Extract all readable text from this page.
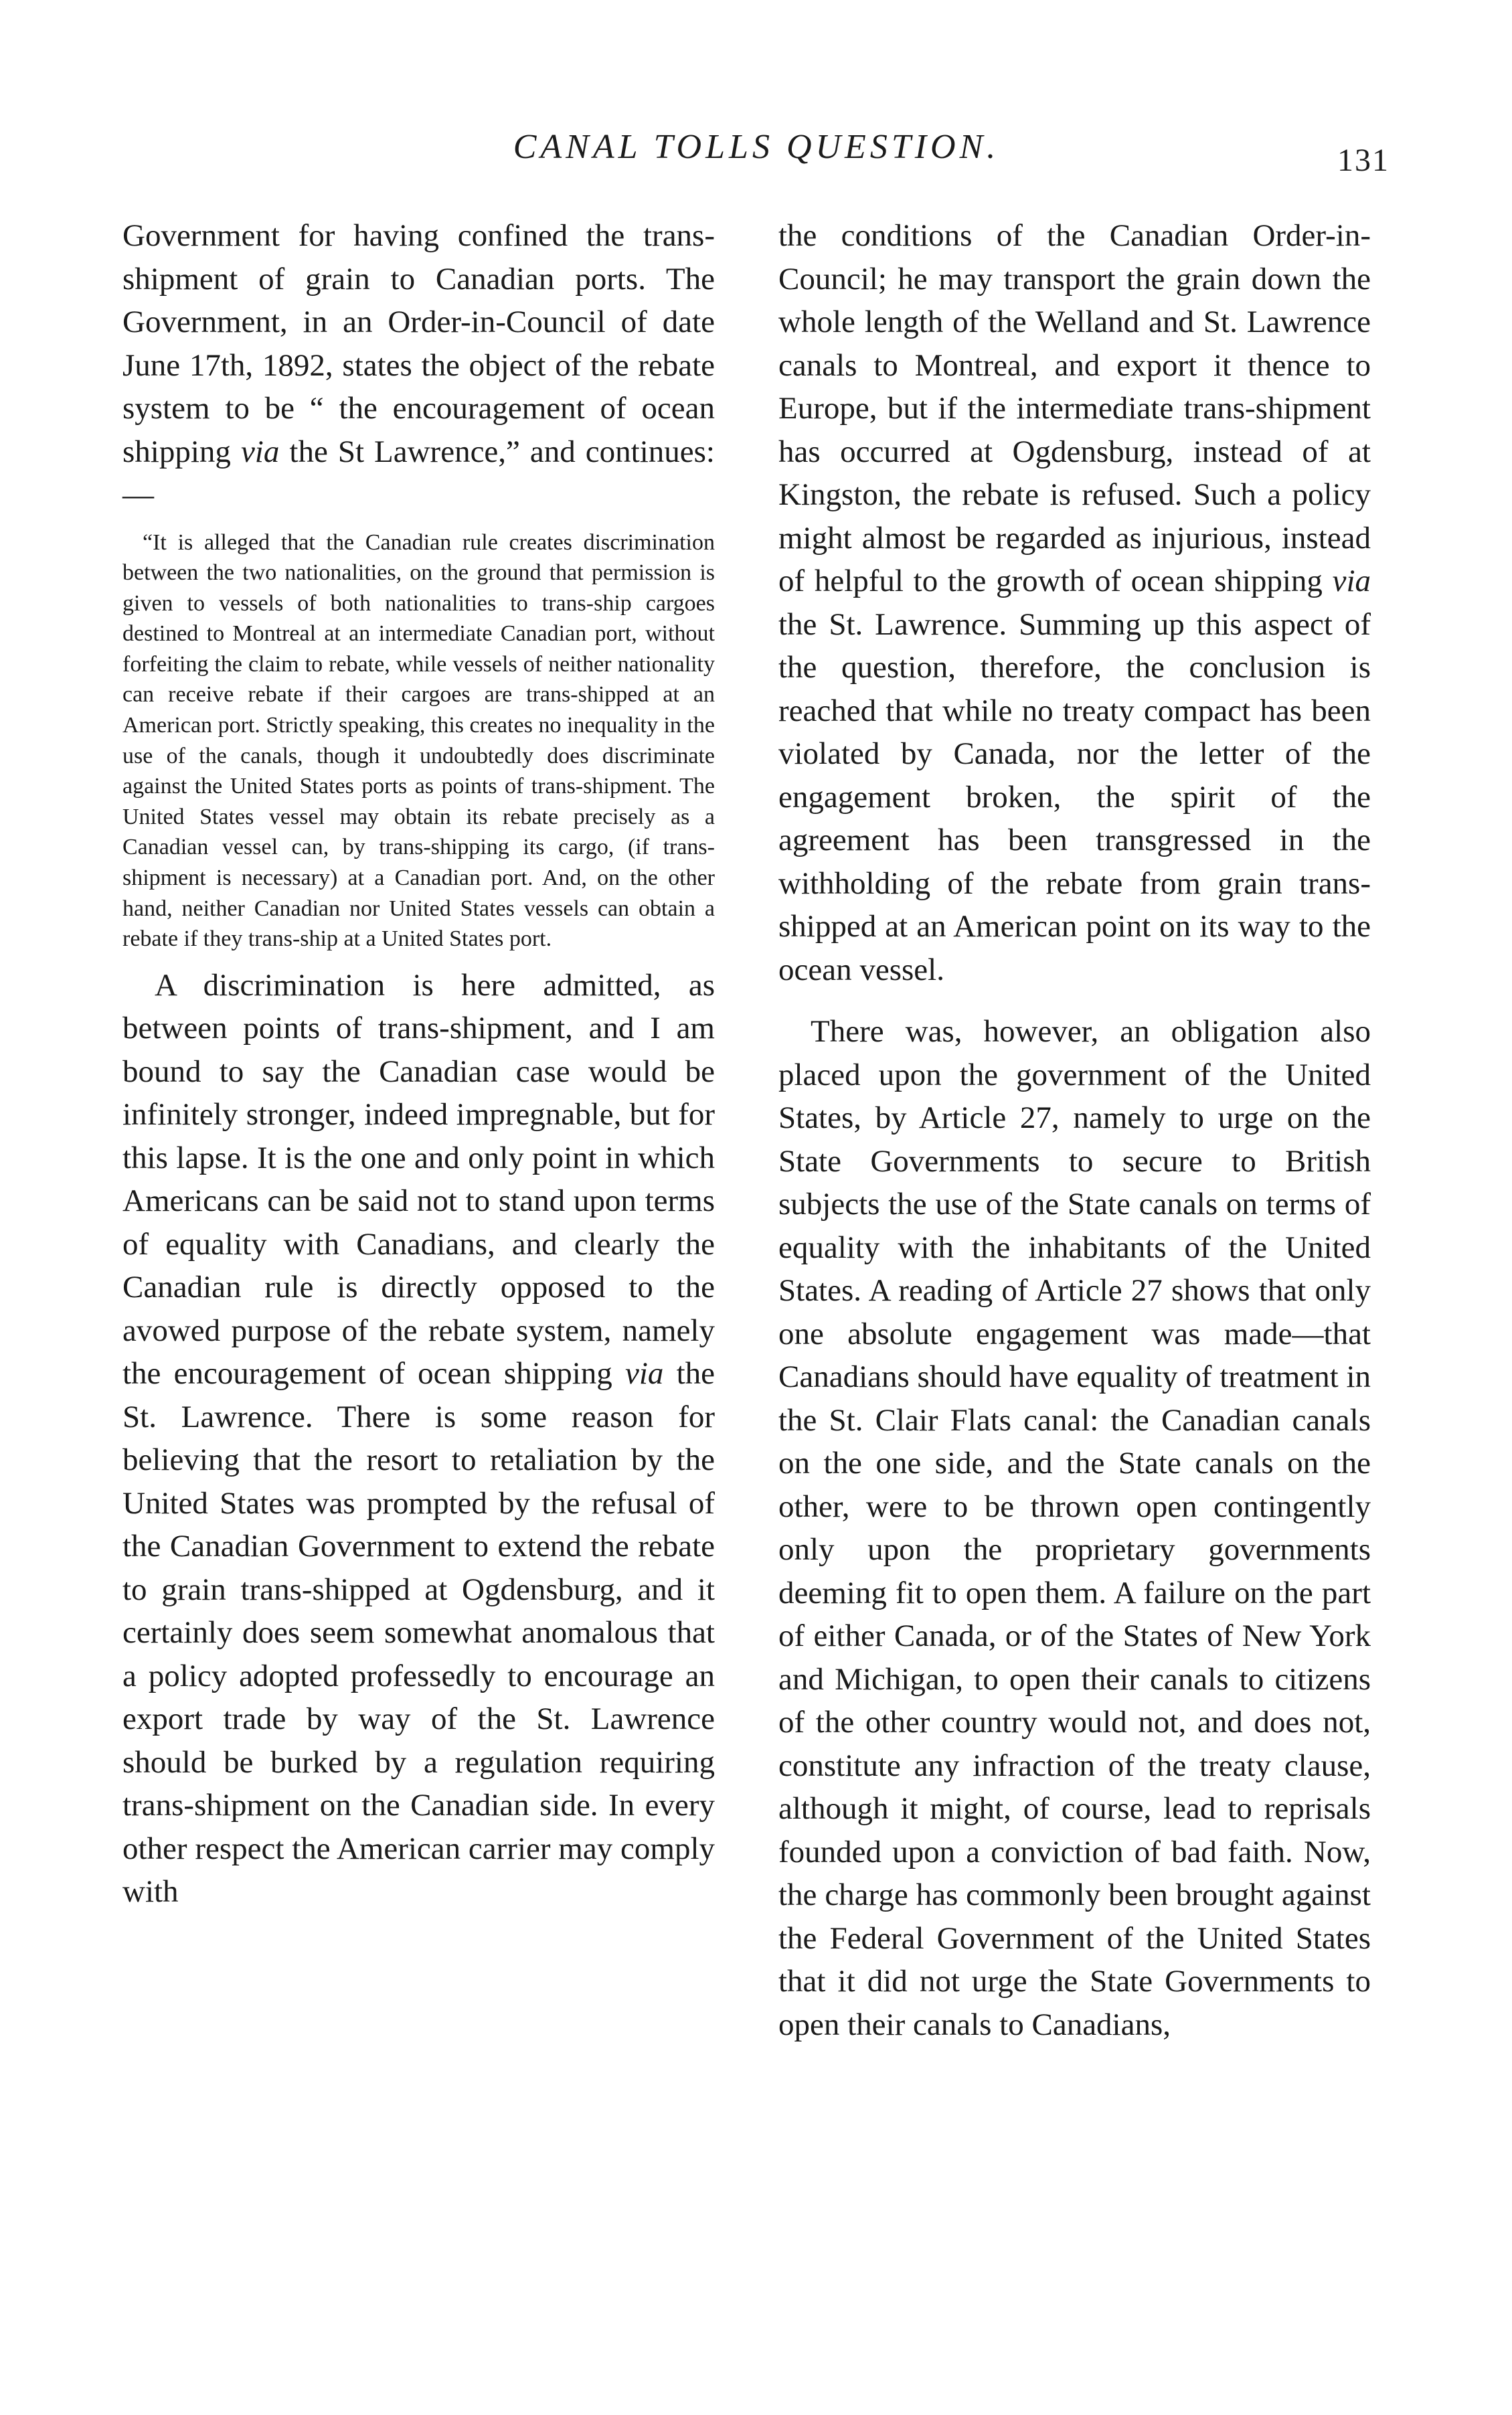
CANAL TOLLS QUESTION.	131

Government for having confined the trans-shipment of grain to Canadian ports. The Government, in an Order-in-Council of date June 17th, 1892, states the object of the rebate system to be “ the encouragement of ocean shipping via the St Lawrence,” and continues:—

“It is alleged that the Canadian rule creates discrimination between the two nationalities, on the ground that permission is given to vessels of both nationalities to trans-ship cargoes destined to Montreal at an intermediate Canadian port, without forfeiting the claim to rebate, while vessels of neither nationality can receive rebate if their cargoes are trans-shipped at an American port. Strictly speaking, this creates no inequality in the use of the canals, though it undoubtedly does discriminate against the United States ports as points of trans-shipment. The United States vessel may obtain its rebate precisely as a Canadian vessel can, by trans-shipping its cargo, (if trans-shipment is necessary) at a Canadian port. And, on the other hand, neither Canadian nor United States vessels can obtain a rebate if they trans-ship at a United States port.

A discrimination is here admitted, as between points of trans-shipment, and I am bound to say the Canadian case would be infinitely stronger, indeed impregnable, but for this lapse. It is the one and only point in which Americans can be said not to stand upon terms of equality with Canadians, and clearly the Canadian rule is directly opposed to the avowed purpose of the rebate system, namely the encouragement of ocean shipping via the St. Lawrence. There is some reason for believing that the resort to retaliation by the United States was prompted by the refusal of the Canadian Government to extend the rebate to grain trans-shipped at Ogdensburg, and it certainly does seem somewhat anomalous that a policy adopted professedly to encourage an export trade by way of the St. Lawrence should be burked by a regulation requiring trans-shipment on the Canadian side. In every other respect the American carrier may comply with

the conditions of the Canadian Order-in-Council; he may transport the grain down the whole length of the Welland and St. Lawrence canals to Montreal, and export it thence to Europe, but if the intermediate trans-shipment has occurred at Ogdensburg, instead of at Kingston, the rebate is refused. Such a policy might almost be regarded as injurious, instead of helpful to the growth of ocean shipping via the St. Lawrence. Summing up this aspect of the question, therefore, the conclusion is reached that while no treaty compact has been violated by Canada, nor the letter of the engagement broken, the spirit of the agreement has been transgressed in the withholding of the rebate from grain trans-shipped at an American point on its way to the ocean vessel.

There was, however, an obligation also placed upon the government of the United States, by Article 27, namely to urge on the State Governments to secure to British subjects the use of the State canals on terms of equality with the inhabitants of the United States. A reading of Article 27 shows that only one absolute engagement was made—that Canadians should have equality of treatment in the St. Clair Flats canal: the Canadian canals on the one side, and the State canals on the other, were to be thrown open contingently only upon the proprietary governments deeming fit to open them. A failure on the part of either Canada, or of the States of New York and Michigan, to open their canals to citizens of the other country would not, and does not, constitute any infraction of the treaty clause, although it might, of course, lead to reprisals founded upon a conviction of bad faith. Now, the charge has commonly been brought against the Federal Government of the United States that it did not urge the State Governments to open their canals to Canadians,
